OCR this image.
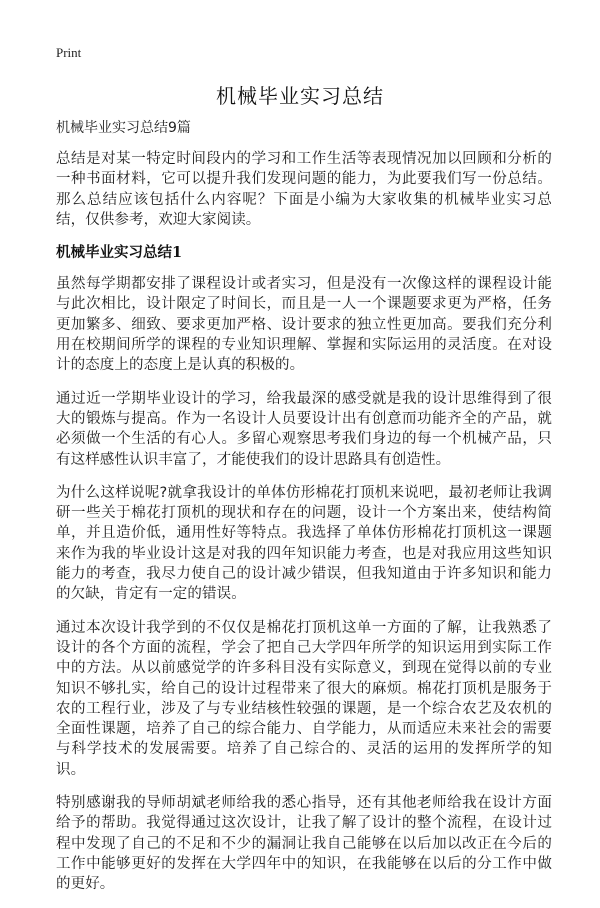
Print
机械毕业实习总结
机械毕业实习总结9篇

总结是对某一特定时间段内的学习和工作生活等表现情况加以回顾和分析的一种书面材料，它可以提升我们发现问题的能力，为此要我们写一份总结。那么总结应该包括什么内容呢？下面是小编为大家收集的机械毕业实习总结，仅供参考，欢迎大家阅读。

机械毕业实习总结1

虽然每学期都安排了课程设计或者实习，但是没有一次像这样的课程设计能与此次相比，设计限定了时间长，而且是一人一个课题要求更为严格，任务更加繁多、细致、要求更加严格、设计要求的独立性更加高。要我们充分利用在校期间所学的课程的专业知识理解、掌握和实际运用的灵活度。在对设计的态度上的态度上是认真的积极的。

通过近一学期毕业设计的学习，给我最深的感受就是我的设计思维得到了很大的锻炼与提高。作为一名设计人员要设计出有创意而功能齐全的产品，就必须做一个生活的有心人。多留心观察思考我们身边的每一个机械产品，只有这样感性认识丰富了，才能使我们的设计思路具有创造性。

为什么这样说呢?就拿我设计的单体仿形棉花打顶机来说吧，最初老师让我调研一些关于棉花打顶机的现状和存在的问题，设计一个方案出来，使结构简单，并且造价低，通用性好等特点。我选择了单体仿形棉花打顶机这一课题来作为我的毕业设计这是对我的四年知识能力考查，也是对我应用这些知识能力的考查，我尽力使自己的设计减少错误，但我知道由于许多知识和能力的欠缺，肯定有一定的错误。

通过本次设计我学到的不仅仅是棉花打顶机这单一方面的了解，让我熟悉了设计的各个方面的流程，学会了把自己大学四年所学的知识运用到实际工作中的方法。从以前感觉学的许多科目没有实际意义，到现在觉得以前的专业知识不够扎实，给自己的设计过程带来了很大的麻烦。棉花打顶机是服务于农的工程行业，涉及了与专业结核性较强的课题，是一个综合农艺及农机的全面性课题，培养了自己的综合能力、自学能力，从而适应未来社会的需要与科学技术的发展需要。培养了自己综合的、灵活的运用的发挥所学的知识。

特别感谢我的导师胡斌老师给我的悉心指导，还有其他老师给我在设计方面给予的帮助。我觉得通过这次设计，让我了解了设计的整个流程，在设计过程中发现了自己的不足和不少的漏洞让我自己能够在以后加以改正在今后的工作中能够更好的发挥在大学四年中的知识，在我能够在以后的分工作中做的更好。
